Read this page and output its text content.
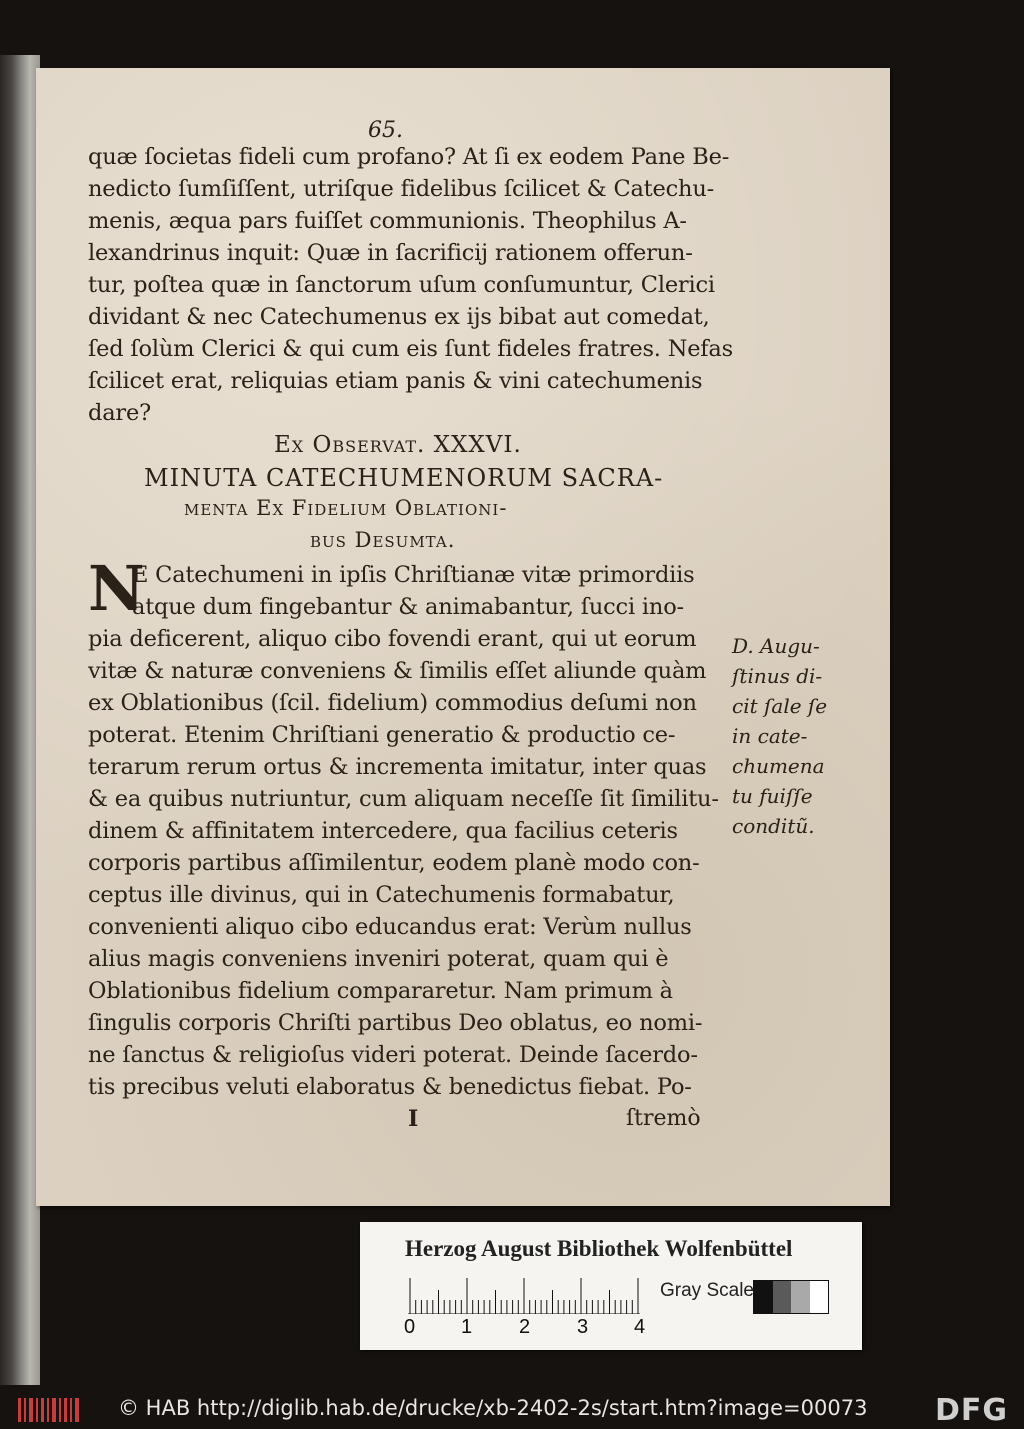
65.
quæ ſocietas fideli cum profano? At ſi ex eodem Pane Be-
nedicto ſumſiſſent, utriſque fidelibus ſcilicet & Catechu-
menis, æqua pars fuiſſet communionis. Theophilus A-
lexandrinus inquit: Quæ in ſacrificij rationem offerun-
tur, poſtea quæ in ſanctorum uſum conſumuntur, Clerici
dividant & nec Catechumenus ex ijs bibat aut comedat,
ſed ſolùm Clerici & qui cum eis ſunt fideles fratres. Nefas
ſcilicet erat, reliquias etiam panis & vini catechumenis
dare?
Ex Observat. XXXVI.
MINUTA CATECHUMENORUM SACRA-
menta Ex Fidelium Oblationi-
bus Desumta.
N
E Catechumeni in ipſis Chriſtianæ vitæ primordiis
atque dum fingebantur & animabantur, ſucci ino-
pia deficerent, aliquo cibo fovendi erant, qui ut eorum
vitæ & naturæ conveniens & ſimilis eſſet aliunde quàm
ex Oblationibus (ſcil. fidelium) commodius deſumi non
poterat. Etenim Chriſtiani generatio & productio ce-
terarum rerum ortus & incrementa imitatur, inter quas
& ea quibus nutriuntur, cum aliquam neceſſe ſit ſimilitu-
dinem & affinitatem intercedere, qua facilius ceteris
corporis partibus aſſimilentur, eodem planè modo con-
ceptus ille divinus, qui in Catechumenis formabatur,
convenienti aliquo cibo educandus erat: Verùm nullus
alius magis conveniens inveniri poterat, quam qui è
Oblationibus fidelium compararetur. Nam primum à
ſingulis corporis Chriſti partibus Deo oblatus, eo nomi-
ne ſanctus & religioſus videri poterat. Deinde ſacerdo-
tis precibus veluti elaboratus & benedictus fiebat. Po-
D. Augu-
ſtinus di-
cit ſale ſe
in cate-
chumena
tu fuiſſe
conditũ.
I	ſtremò
Herzog August Bibliothek Wolfenbüttel
0 1 2 3 4
Gray Scale
© HAB http://diglib.hab.de/drucke/xb-2402-2s/start.htm?image=00073 DFG
